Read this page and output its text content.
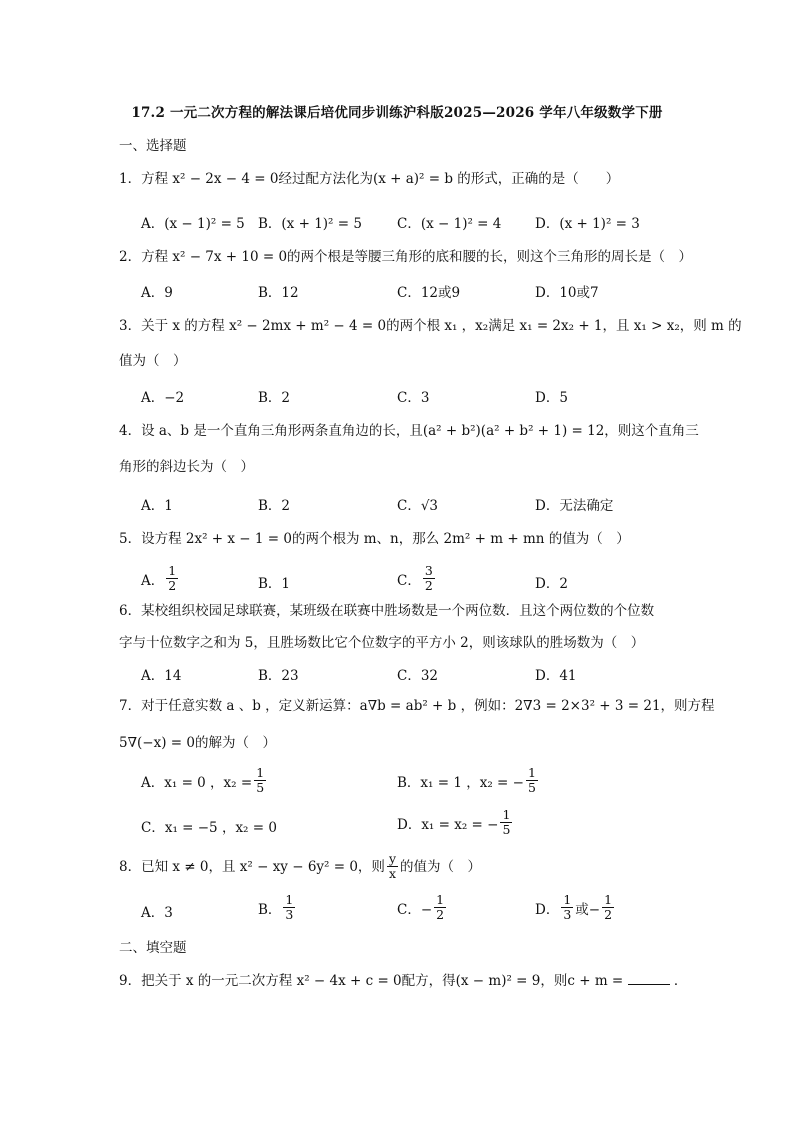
17.2 一元二次方程的解法课后培优同步训练沪科版2025—2026 学年八年级数学下册
一、选择题
1．方程 x² − 2x − 4 = 0经过配方法化为(x + a)² = b 的形式，正确的是（　　）
A．(x − 1)² = 5 B．(x + 1)² = 5	C．(x − 1)² = 4 D．(x + 1)² = 3
2．方程 x² − 7x + 10 = 0的两个根是等腰三角形的底和腰的长，则这个三角形的周长是（　）
A．9	B．12	C．12或9	D．10或7
3．关于 x 的方程 x² − 2mx + m² − 4 = 0的两个根 x₁ ，x₂满足 x₁ = 2x₂ + 1，且 x₁ > x₂，则 m 的
值为（　）
A．−2	B．2	C．3	D．5
4．设 a、b 是一个直角三角形两条直角边的长，且(a² + b²)(a² + b² + 1) = 12，则这个直角三
角形的斜边长为（　）
A．1	B．2	C．√3	D．无法确定
5．设方程 2x² + x − 1 = 0的两个根为 m、n，那么 2m² + m + mn 的值为（　）
A． $\frac{1}{2}$	B．1	C． $\frac{3}{2}$	D．2
6．某校组织校园足球联赛，某班级在联赛中胜场数是一个两位数．且这个两位数的个位数
字与十位数字之和为 5，且胜场数比它个位数字的平方小 2，则该球队的胜场数为（　）
A．14	B．23	C．32	D．41
7．对于任意实数 a 、b ，定义新运算：a∇b = ab² + b ，例如：2∇3 = 2×3² + 3 = 21，则方程
5∇(−x) = 0的解为（　）
A．x₁ = 0 ，$x_2 = \frac{1}{5}$	B．x₁ = 1 ，x₂ = − $\frac{1}{5}$
C．x₁ = −5 ，x₂ = 0	D．x₁ = x₂ = − $\frac{1}{5}$
8．已知 x ≠ 0，且 x² − xy − 6y² = 0，则 $\frac{y}{x}$ 的值为（　）
A．3	B． $\frac{1}{3}$	C．− $\frac{1}{2}$	D． $\frac{1}{3}$ 或− $\frac{1}{2}$
二、填空题
9．把关于 x 的一元二次方程 x² − 4x + c = 0配方，得(x − m)² = 9，则c + m =	．
